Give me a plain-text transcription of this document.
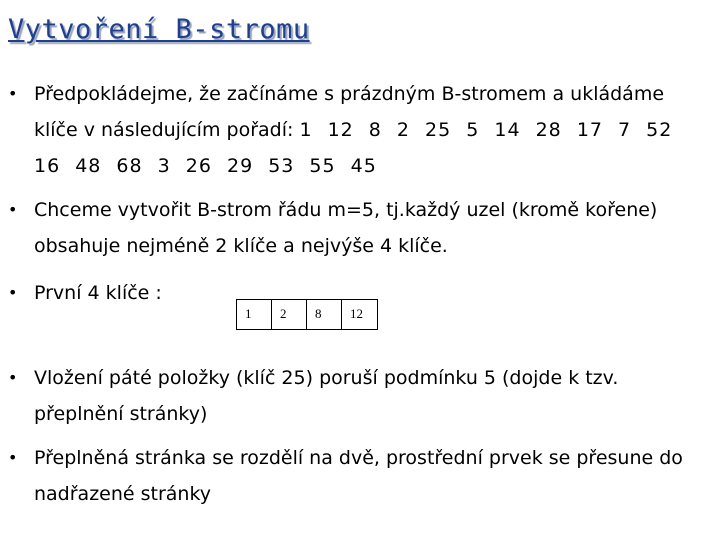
Vytvoření B-stromu
• Předpokládejme, že začínáme s prázdným B-stromem a ukládáme klíče v následujícím pořadí: 1 12 8 2 25 5 14 28 17 7 52 16 48 68 3 26 29 53 55 45
• Chceme vytvořit B-strom řádu m=5, tj.každý uzel (kromě kořene) obsahuje nejméně 2 klíče a nejvýše 4 klíče.
• První 4 klíče :
1	2	8	12
• Vložení páté položky (klíč 25) poruší podmínku 5 (dojde k tzv. přeplnění stránky)
• Přeplněná stránka se rozdělí na dvě, prostřední prvek se přesune do nadřazené stránky
